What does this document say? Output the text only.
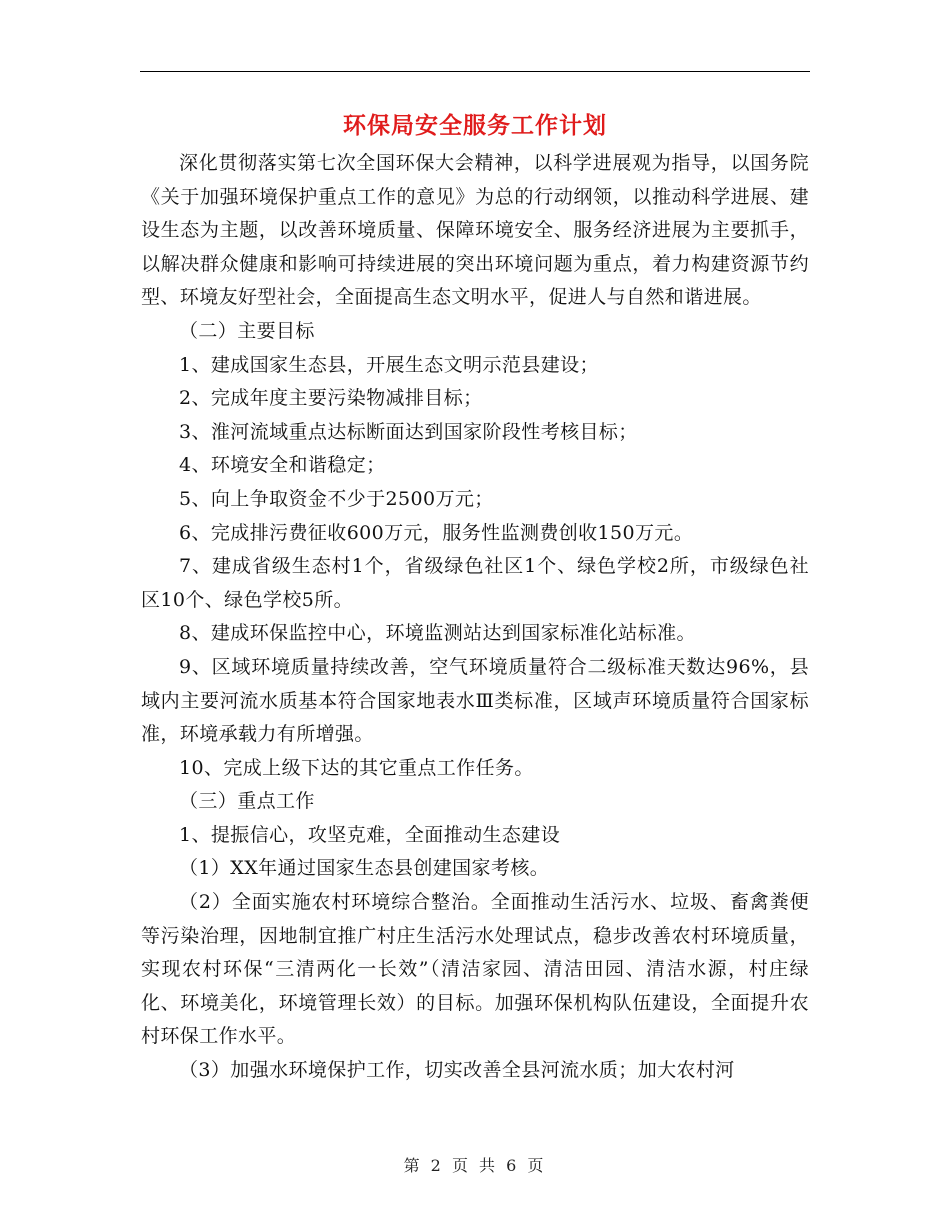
环保局安全服务工作计划

深化贯彻落实第七次全国环保大会精神，以科学进展观为指导，以国务院《关于加强环境保护重点工作的意见》为总的行动纲领，以推动科学进展、建设生态为主题，以改善环境质量、保障环境安全、服务经济进展为主要抓手，以解决群众健康和影响可持续进展的突出环境问题为重点，着力构建资源节约型、环境友好型社会，全面提高生态文明水平，促进人与自然和谐进展。

（二）主要目标

1、建成国家生态县，开展生态文明示范县建设；

2、完成年度主要污染物减排目标；

3、淮河流域重点达标断面达到国家阶段性考核目标；

4、环境安全和谐稳定；

5、向上争取资金不少于2500万元；

6、完成排污费征收600万元，服务性监测费创收150万元。

7、建成省级生态村1个，省级绿色社区1个、绿色学校2所，市级绿色社区10个、绿色学校5所。

8、建成环保监控中心，环境监测站达到国家标准化站标准。

9、区域环境质量持续改善，空气环境质量符合二级标准天数达96%，县域内主要河流水质基本符合国家地表水Ⅲ类标准，区域声环境质量符合国家标准，环境承载力有所增强。

10、完成上级下达的其它重点工作任务。

（三）重点工作

1、提振信心，攻坚克难，全面推动生态建设

（1）XX年通过国家生态县创建国家考核。

（2）全面实施农村环境综合整治。全面推动生活污水、垃圾、畜禽粪便等污染治理，因地制宜推广村庄生活污水处理试点，稳步改善农村环境质量，实现农村环保“三清两化一长效”（清洁家园、清洁田园、清洁水源，村庄绿化、环境美化，环境管理长效）的目标。加强环保机构队伍建设，全面提升农村环保工作水平。

（3）加强水环境保护工作，切实改善全县河流水质；加大农村河

第 2 页 共 6 页
